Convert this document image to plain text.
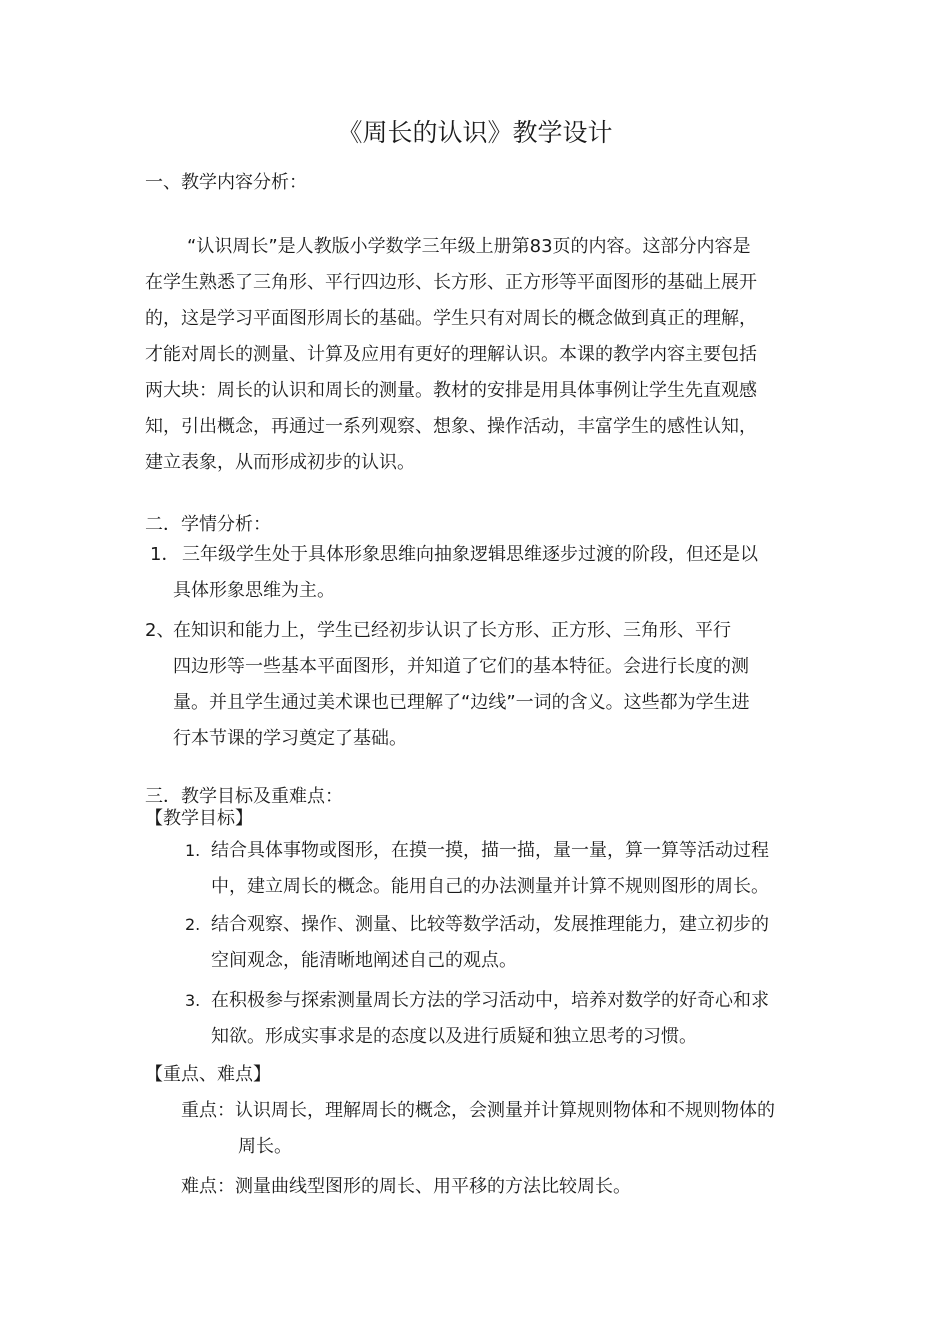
《周长的认识》教学设计
一、教学内容分析：
“认识周长”是人教版小学数学三年级上册第83页的内容。这部分内容是
在学生熟悉了三角形、平行四边形、长方形、正方形等平面图形的基础上展开
的，这是学习平面图形周长的基础。学生只有对周长的概念做到真正的理解，
才能对周长的测量、计算及应用有更好的理解认识。本课的教学内容主要包括
两大块：周长的认识和周长的测量。教材的安排是用具体事例让学生先直观感
知，引出概念，再通过一系列观察、想象、操作活动，丰富学生的感性认知，
建立表象，从而形成初步的认识。
二．学情分析：
1． 三年级学生处于具体形象思维向抽象逻辑思维逐步过渡的阶段，但还是以
具体形象思维为主。
2、
在知识和能力上，学生已经初步认识了长方形、正方形、三角形、平行
四边形等一些基本平面图形，并知道了它们的基本特征。会进行长度的测
量。并且学生通过美术课也已理解了“边线”一词的含义。这些都为学生进
行本节课的学习奠定了基础。
三．教学目标及重难点：
【教学目标】
1. 结合具体事物或图形，在摸一摸，描一描，量一量，算一算等活动过程
中，建立周长的概念。能用自己的办法测量并计算不规则图形的周长。
2. 结合观察、操作、测量、比较等数学活动，发展推理能力，建立初步的
空间观念，能清晰地阐述自己的观点。
3. 在积极参与探索测量周长方法的学习活动中，培养对数学的好奇心和求
知欲。形成实事求是的态度以及进行质疑和独立思考的习惯。
【重点、难点】
重点：认识周长，理解周长的概念，会测量并计算规则物体和不规则物体的
周长。
难点：测量曲线型图形的周长、用平移的方法比较周长。
